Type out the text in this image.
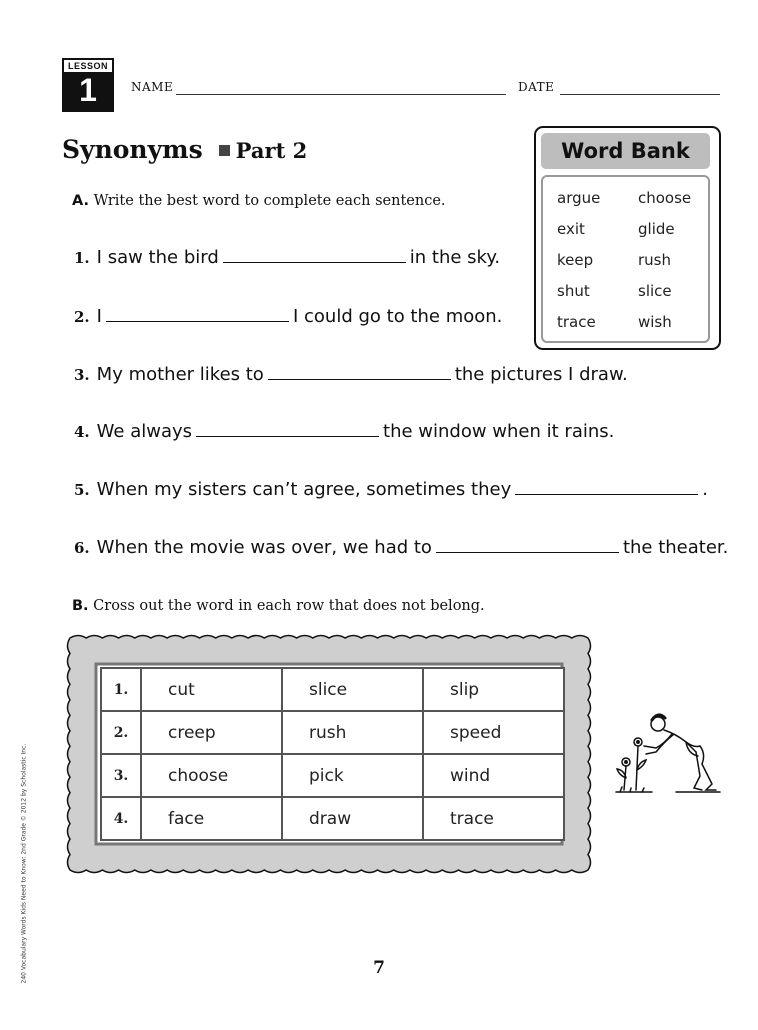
LESSON
1	NAME	DATE
Synonyms Part 2	Word Bank
argue	choose
exit	glide
keep	rush
shut	slice
trace	wish
A. Write the best word to complete each sentence.
1. I saw the bird	in the sky.
2. I	I could go to the moon.
3. My mother likes to	the pictures I draw.
4. We always	the window when it rains.
5. When my sisters can’t agree, sometimes they	.
6. When the movie was over, we had to	the theater.
B. Cross out the word in each row that does not belong.
1.	cut	slice	slip
2.	creep	rush	speed
3.	choose	pick	wind
4.	face	draw	trace
240 Vocabulary Words Kids Need to Know: 2nd Grade © 2012 by Scholastic Inc.	7
